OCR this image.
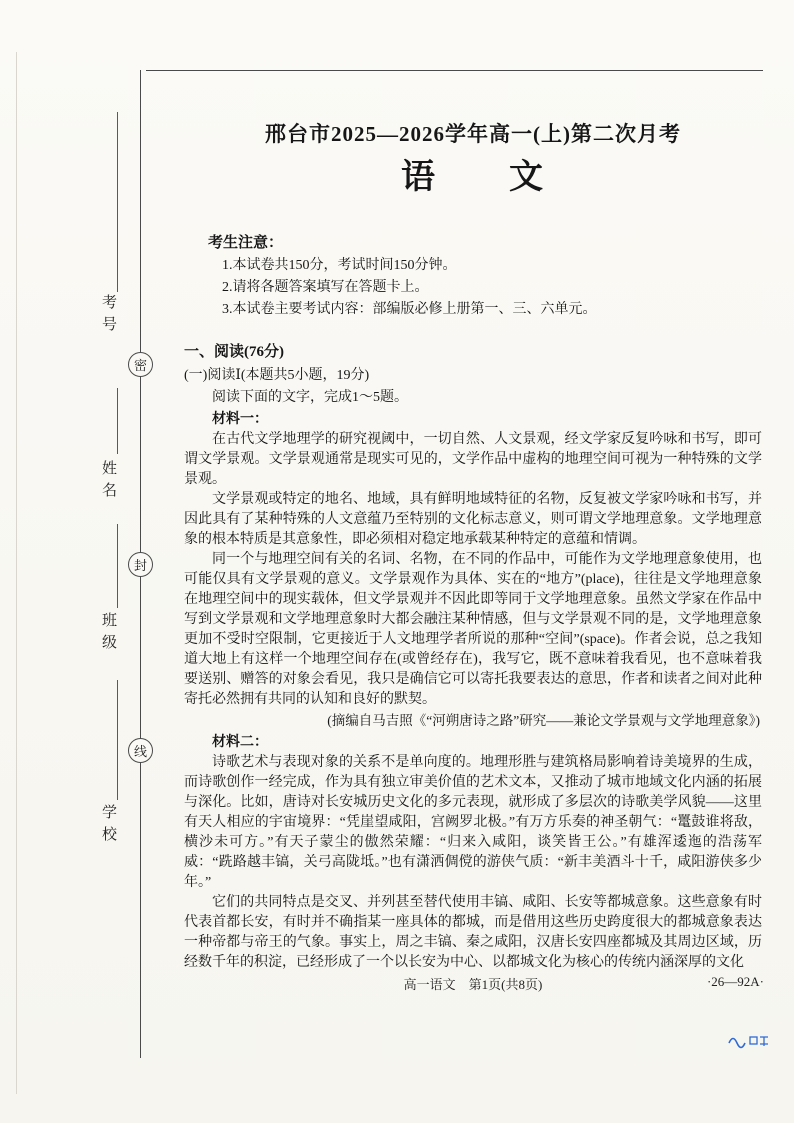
考号
姓名
班级
学校
密
封
线
邢台市2025—2026学年高一(上)第二次月考
语　　文
考生注意：
1.本试卷共150分，考试时间150分钟。
2.请将各题答案填写在答题卡上。
3.本试卷主要考试内容：部编版必修上册第一、三、六单元。
一、阅读(76分)
(一)阅读Ⅰ(本题共5小题，19分)
阅读下面的文字，完成1～5题。
材料一：

在古代文学地理学的研究视阈中，一切自然、人文景观，经文学家反复吟咏和书写，即可谓文学景观。文学景观通常是现实可见的，文学作品中虚构的地理空间可视为一种特殊的文学景观。

文学景观或特定的地名、地域，具有鲜明地域特征的名物，反复被文学家吟咏和书写，并因此具有了某种特殊的人文意蕴乃至特别的文化标志意义，则可谓文学地理意象。文学地理意象的根本特质是其意象性，即必须相对稳定地承载某种特定的意蕴和情调。

同一个与地理空间有关的名词、名物，在不同的作品中，可能作为文学地理意象使用，也可能仅具有文学景观的意义。文学景观作为具体、实在的“地方”(place)，往往是文学地理意象在地理空间中的现实载体，但文学景观并不因此即等同于文学地理意象。虽然文学家在作品中写到文学景观和文学地理意象时大都会融注某种情感，但与文学景观不同的是，文学地理意象更加不受时空限制，它更接近于人文地理学者所说的那种“空间”(space)。作者会说，总之我知道大地上有这样一个地理空间存在(或曾经存在)，我写它，既不意味着我看见，也不意味着我要送别、赠答的对象会看见，我只是确信它可以寄托我要表达的意思，作者和读者之间对此种寄托必然拥有共同的认知和良好的默契。

(摘编自马吉照《“河朔唐诗之路”研究——兼论文学景观与文学地理意象》)
材料二：

诗歌艺术与表现对象的关系不是单向度的。地理形胜与建筑格局影响着诗美境界的生成，而诗歌创作一经完成，作为具有独立审美价值的艺术文本，又推动了城市地域文化内涵的拓展与深化。比如，唐诗对长安城历史文化的多元表现，就形成了多层次的诗歌美学风貌——这里有天人相应的宇宙境界：“凭崖望咸阳，宫阙罗北极。”有万方乐奏的神圣朝气：“鼍鼓谁将敌，横沙未可方。”有天子蒙尘的傲然荣耀：“归来入咸阳，谈笑皆王公。”有雄浑逶迤的浩荡军威：“跣路越丰镐，关弓高陇坻。”也有潇洒倜傥的游侠气质：“新丰美酒斗十千，咸阳游侠多少年。”

它们的共同特点是交叉、并列甚至替代使用丰镐、咸阳、长安等都城意象。这些意象有时代表首都长安，有时并不确指某一座具体的都城，而是借用这些历史跨度很大的都城意象表达一种帝都与帝王的气象。事实上，周之丰镐、秦之咸阳，汉唐长安四座都城及其周边区域，历经数千年的积淀，已经形成了一个以长安为中心、以都城文化为核心的传统内涵深厚的文化

高一语文　第1页(共8页)	·26—92A·
